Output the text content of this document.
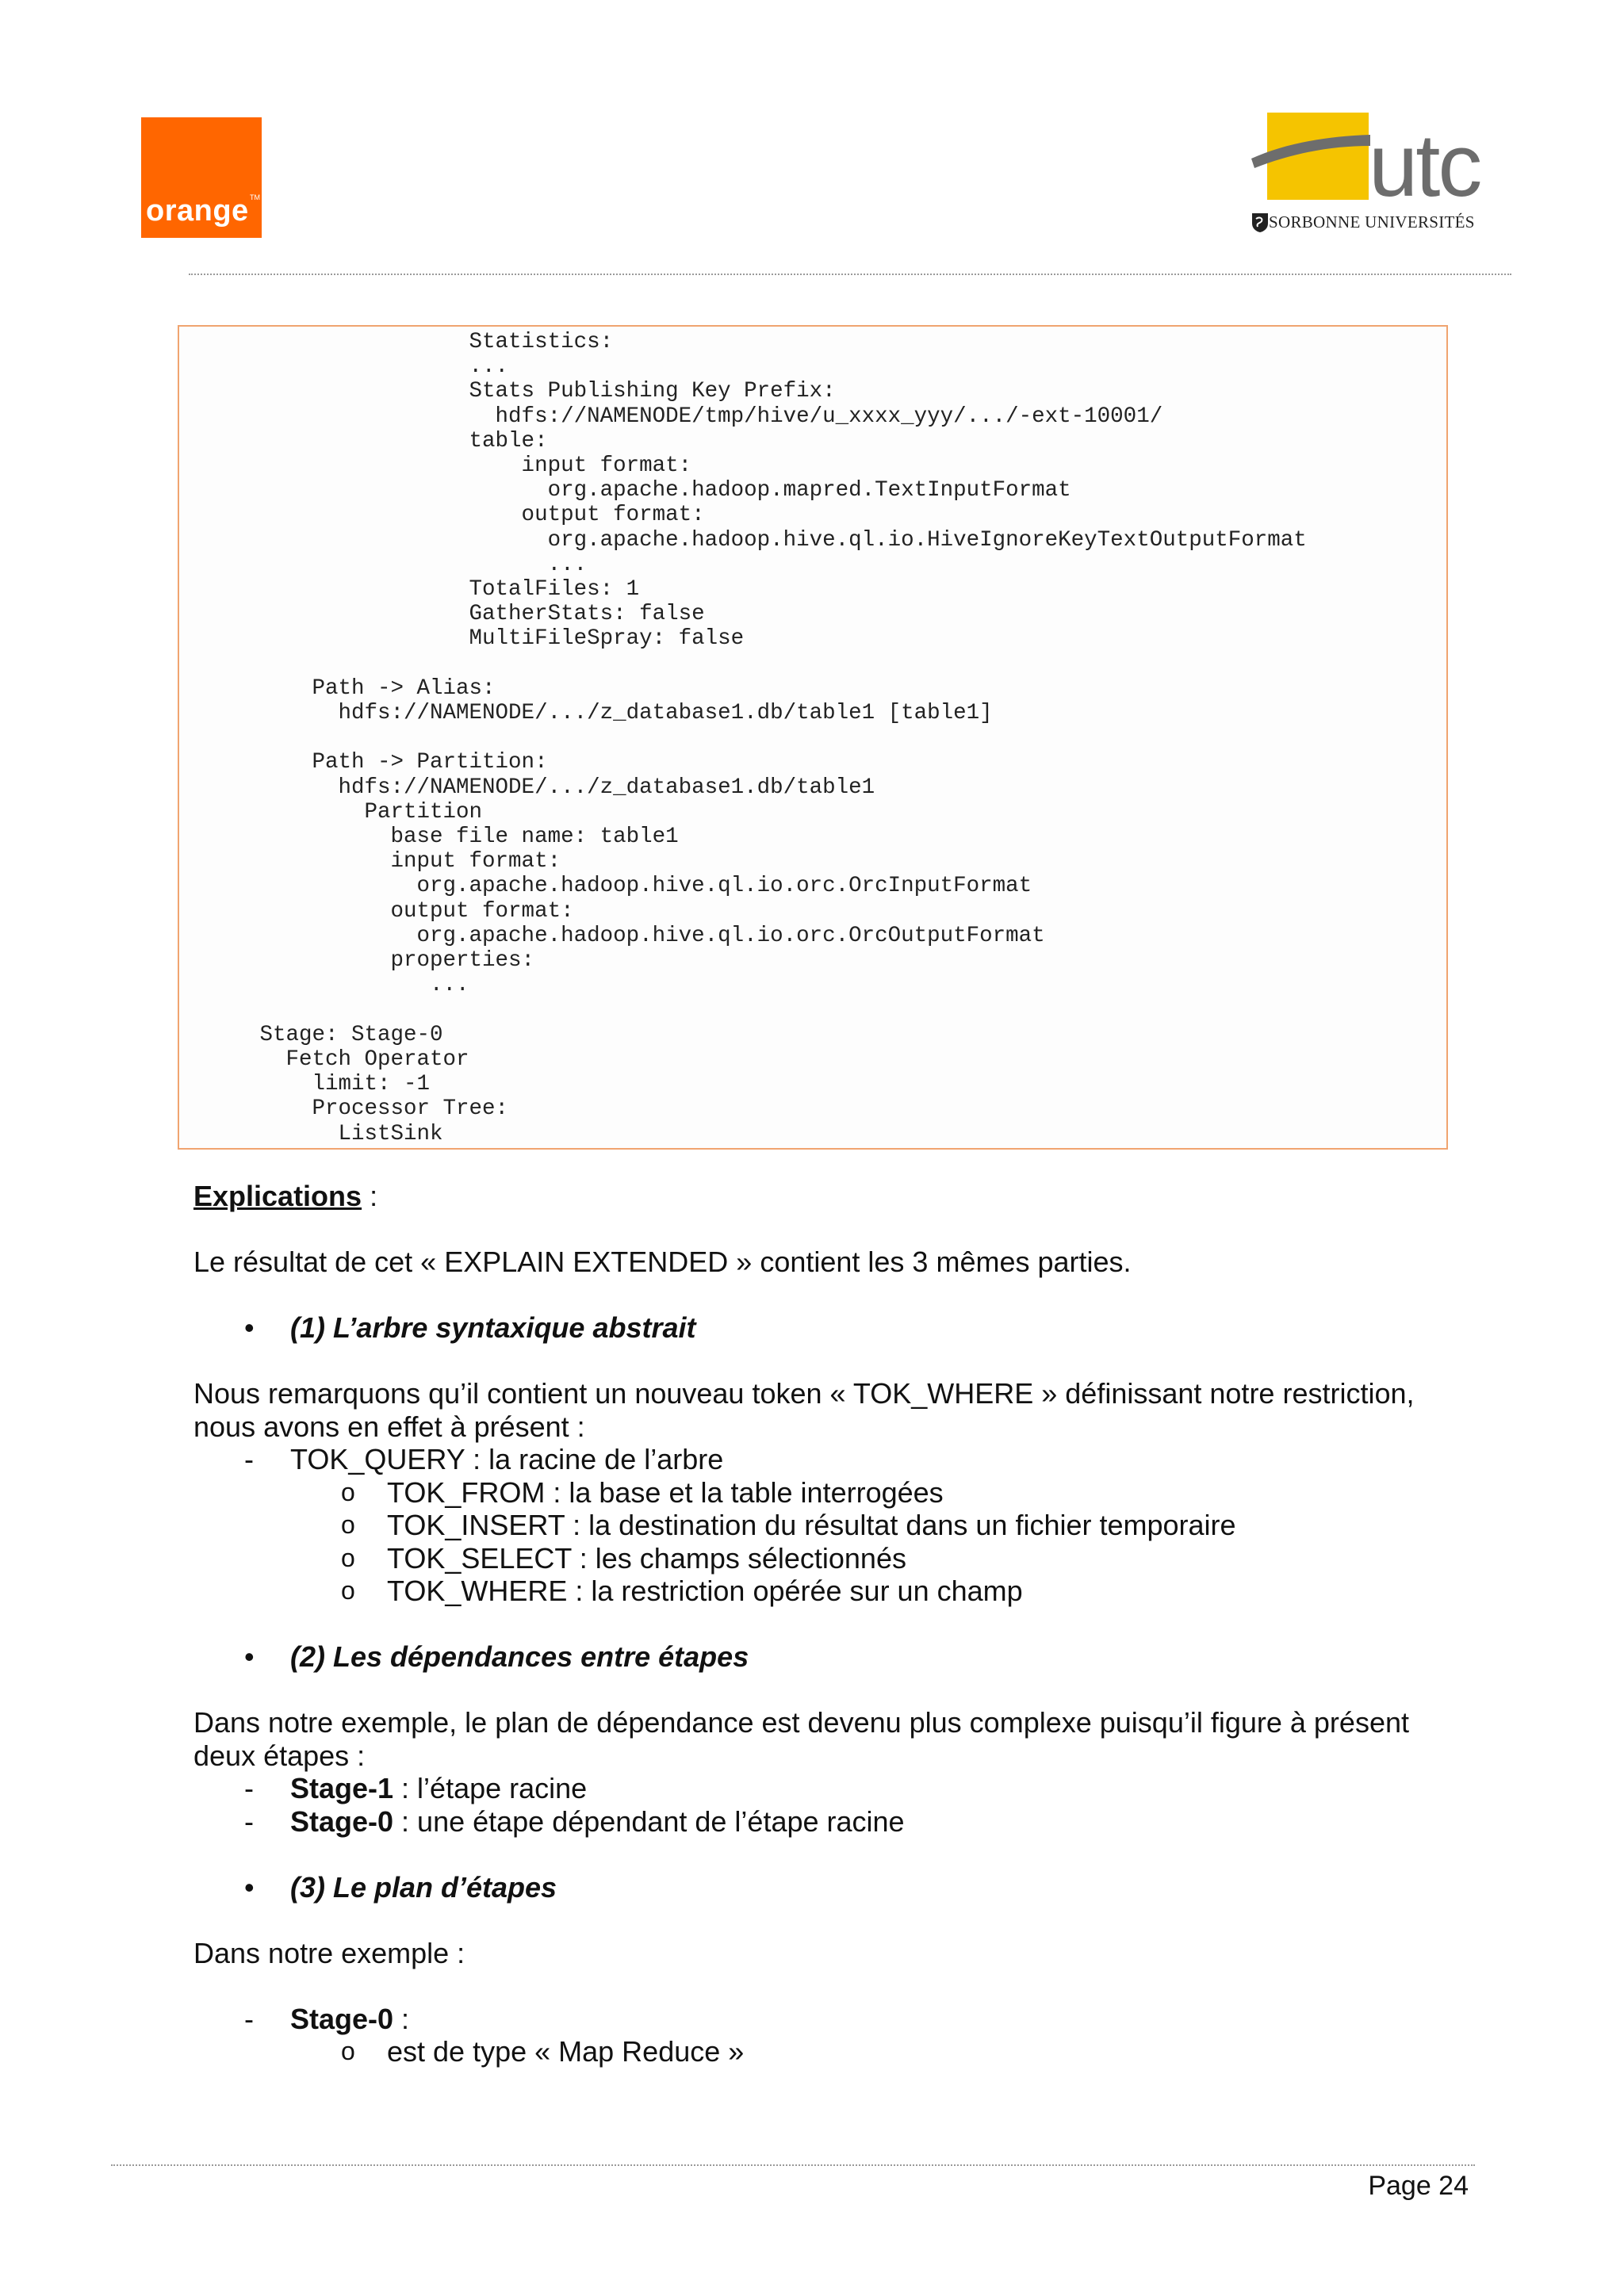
orange TM	utc
SORBONNE UNIVERSITÉS
Statistics:
...
Stats Publishing Key Prefix:
hdfs://NAMENODE/tmp/hive/u_xxxx_yyy/.../-ext-10001/
table:
input format:
org.apache.hadoop.mapred.TextInputFormat
output format:
org.apache.hadoop.hive.ql.io.HiveIgnoreKeyTextOutputFormat
...
TotalFiles: 1
GatherStats: false
MultiFileSpray: false

Path -> Alias:
hdfs://NAMENODE/.../z_database1.db/table1 [table1]

Path -> Partition:
hdfs://NAMENODE/.../z_database1.db/table1
Partition
base file name: table1
input format:
org.apache.hadoop.hive.ql.io.orc.OrcInputFormat
output format:
org.apache.hadoop.hive.ql.io.orc.OrcOutputFormat
properties:
...

Stage: Stage-0
Fetch Operator
limit: -1
Processor Tree:
ListSink

Explications :

Le résultat de cet « EXPLAIN EXTENDED » contient les 3 mêmes parties.

• (1) L’arbre syntaxique abstrait

Nous remarquons qu’il contient un nouveau token « TOK_WHERE » définissant notre restriction, nous avons en effet à présent :

- TOK_QUERY : la racine de l’arbre
o TOK_FROM : la base et la table interrogées
o TOK_INSERT : la destination du résultat dans un fichier temporaire
o TOK_SELECT : les champs sélectionnés
o TOK_WHERE : la restriction opérée sur un champ
• (2) Les dépendances entre étapes

Dans notre exemple, le plan de dépendance est devenu plus complexe puisqu’il figure à présent deux étapes :

- Stage-1 : l’étape racine
- Stage-0 : une étape dépendant de l’étape racine
• (3) Le plan d’étapes

Dans notre exemple :

- Stage-0 :
o est de type « Map Reduce »
Page 24
